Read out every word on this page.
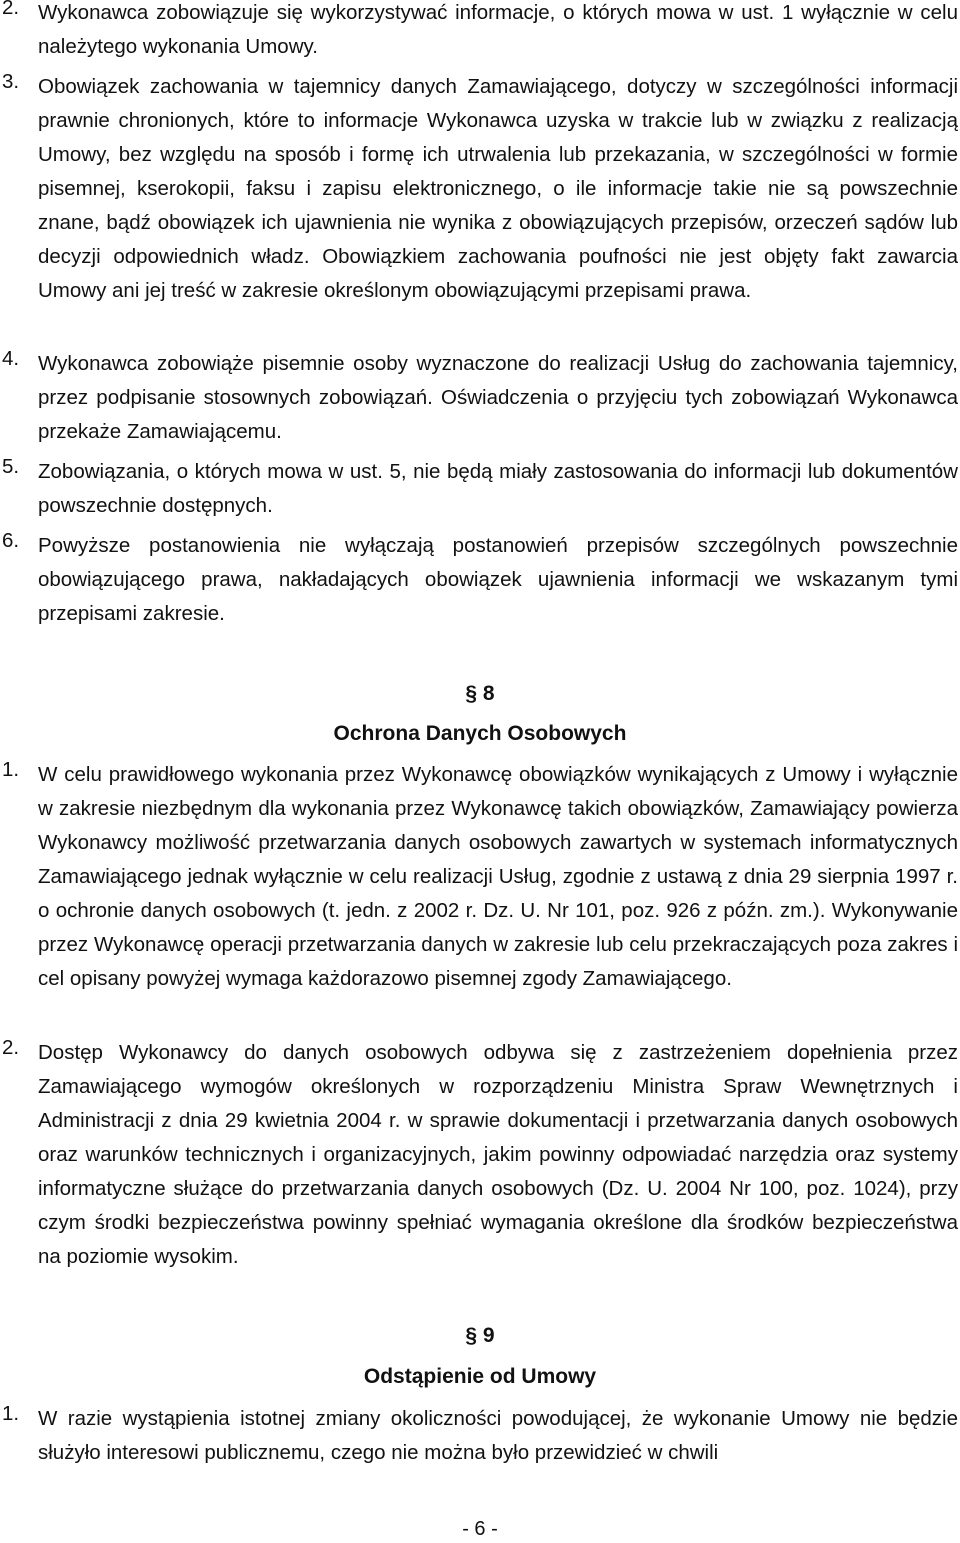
2. Wykonawca zobowiązuje się wykorzystywać informacje, o których mowa w ust. 1 wyłącznie w celu należytego wykonania Umowy.
3. Obowiązek zachowania w tajemnicy danych Zamawiającego, dotyczy w szczególności informacji prawnie chronionych, które to informacje Wykonawca uzyska w trakcie lub w związku z realizacją Umowy, bez względu na sposób i formę ich utrwalenia lub przekazania, w szczególności w formie pisemnej, kserokopii, faksu i zapisu elektronicznego, o ile informacje takie nie są powszechnie znane, bądź obowiązek ich ujawnienia nie wynika z obowiązujących przepisów, orzeczeń sądów lub decyzji odpowiednich władz. Obowiązkiem zachowania poufności nie jest objęty fakt zawarcia Umowy ani jej treść w zakresie określonym obowiązującymi przepisami prawa.
4. Wykonawca zobowiąże pisemnie osoby wyznaczone do realizacji Usług do zachowania tajemnicy, przez podpisanie stosownych zobowiązań. Oświadczenia o przyjęciu tych zobowiązań Wykonawca przekaże Zamawiającemu.
5. Zobowiązania, o których mowa w ust. 5, nie będą miały zastosowania do informacji lub dokumentów powszechnie dostępnych.
6. Powyższe postanowienia nie wyłączają postanowień przepisów szczególnych powszechnie obowiązującego prawa, nakładających obowiązek ujawnienia informacji we wskazanym tymi przepisami zakresie.
§ 8
Ochrona Danych Osobowych
1. W celu prawidłowego wykonania przez Wykonawcę obowiązków wynikających z Umowy i wyłącznie w zakresie niezbędnym dla wykonania przez Wykonawcę takich obowiązków, Zamawiający powierza Wykonawcy możliwość przetwarzania danych osobowych zawartych w systemach informatycznych Zamawiającego jednak wyłącznie w celu realizacji Usług, zgodnie z ustawą z dnia 29 sierpnia 1997 r. o ochronie danych osobowych (t. jedn. z 2002 r. Dz. U. Nr 101, poz. 926 z późn. zm.). Wykonywanie przez Wykonawcę operacji przetwarzania danych w zakresie lub celu przekraczających poza zakres i cel opisany powyżej wymaga każdorazowo pisemnej zgody Zamawiającego.
2. Dostęp Wykonawcy do danych osobowych odbywa się z zastrzeżeniem dopełnienia przez Zamawiającego wymogów określonych w rozporządzeniu Ministra Spraw Wewnętrznych i Administracji z dnia 29 kwietnia 2004 r. w sprawie dokumentacji i przetwarzania danych osobowych oraz warunków technicznych i organizacyjnych, jakim powinny odpowiadać narzędzia oraz systemy informatyczne służące do przetwarzania danych osobowych (Dz. U. 2004 Nr 100, poz. 1024), przy czym środki bezpieczeństwa powinny spełniać wymagania określone dla środków bezpieczeństwa na poziomie wysokim.
§ 9
Odstąpienie od Umowy
1. W razie wystąpienia istotnej zmiany okoliczności powodującej, że wykonanie Umowy nie będzie służyło interesowi publicznemu, czego nie można było przewidzieć w chwili
- 6 -
